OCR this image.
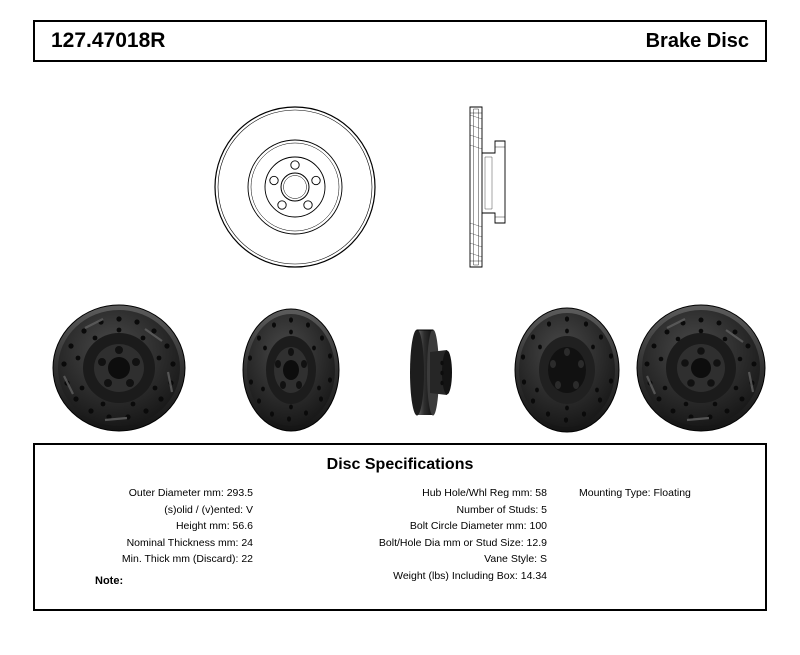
127.47018R	Brake Disc
Disc Specifications
Outer Diameter mm: 293.5
(s)olid / (v)ented: V
Height mm: 56.6
Nominal Thickness mm: 24
Min. Thick mm (Discard): 22
Hub Hole/Whl Reg mm: 58
Number of Studs: 5
Bolt Circle Diameter mm: 100
Bolt/Hole Dia mm or Stud Size: 12.9
Vane Style: S
Weight (lbs) Including Box: 14.34
Mounting Type: Floating
Note:
